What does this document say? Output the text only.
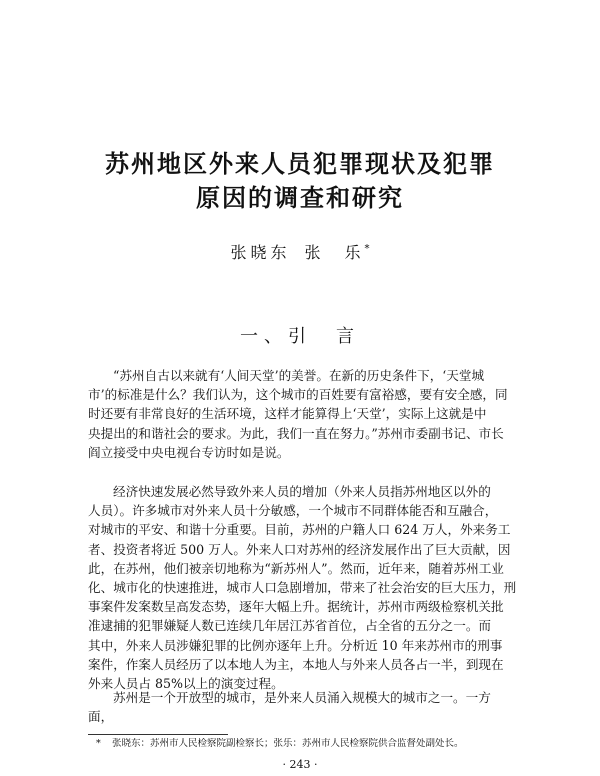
苏州地区外来人员犯罪现状及犯罪
原因的调查和研究
张晓东 张　乐*
一、引　言
“苏州自古以来就有‘人间天堂’的美誉。在新的历史条件下，‘天堂城
市’的标准是什么？我们认为，这个城市的百姓要有富裕感，要有安全感，同
时还要有非常良好的生活环境，这样才能算得上‘天堂’，实际上这就是中
央提出的和谐社会的要求。为此，我们一直在努力。”苏州市委副书记、市长
阎立接受中央电视台专访时如是说。
经济快速发展必然导致外来人员的增加（外来人员指苏州地区以外的
人员）。许多城市对外来人员十分敏感，一个城市不同群体能否和互融合，
对城市的平安、和谐十分重要。目前，苏州的户籍人口 624 万人，外来务工
者、投资者将近 500 万人。外来人口对苏州的经济发展作出了巨大贡献，因
此，在苏州，他们被亲切地称为“新苏州人”。然而，近年来，随着苏州工业
化、城市化的快速推进，城市人口急剧增加，带来了社会治安的巨大压力，刑
事案件发案数呈高发态势，逐年大幅上升。据统计，苏州市两级检察机关批
准逮捕的犯罪嫌疑人数已连续几年居江苏省首位，占全省的五分之一。而
其中，外来人员涉嫌犯罪的比例亦逐年上升。分析近 10 年来苏州市的刑事
案件，作案人员经历了以本地人为主，本地人与外来人员各占一半，到现在
外来人员占 85%以上的演变过程。
苏州是一个开放型的城市，是外来人员涌入规模大的城市之一。一方
面，
* 张晓东：苏州市人民检察院副检察长；张乐：苏州市人民检察院供合监督处副处长。
· 243 ·
